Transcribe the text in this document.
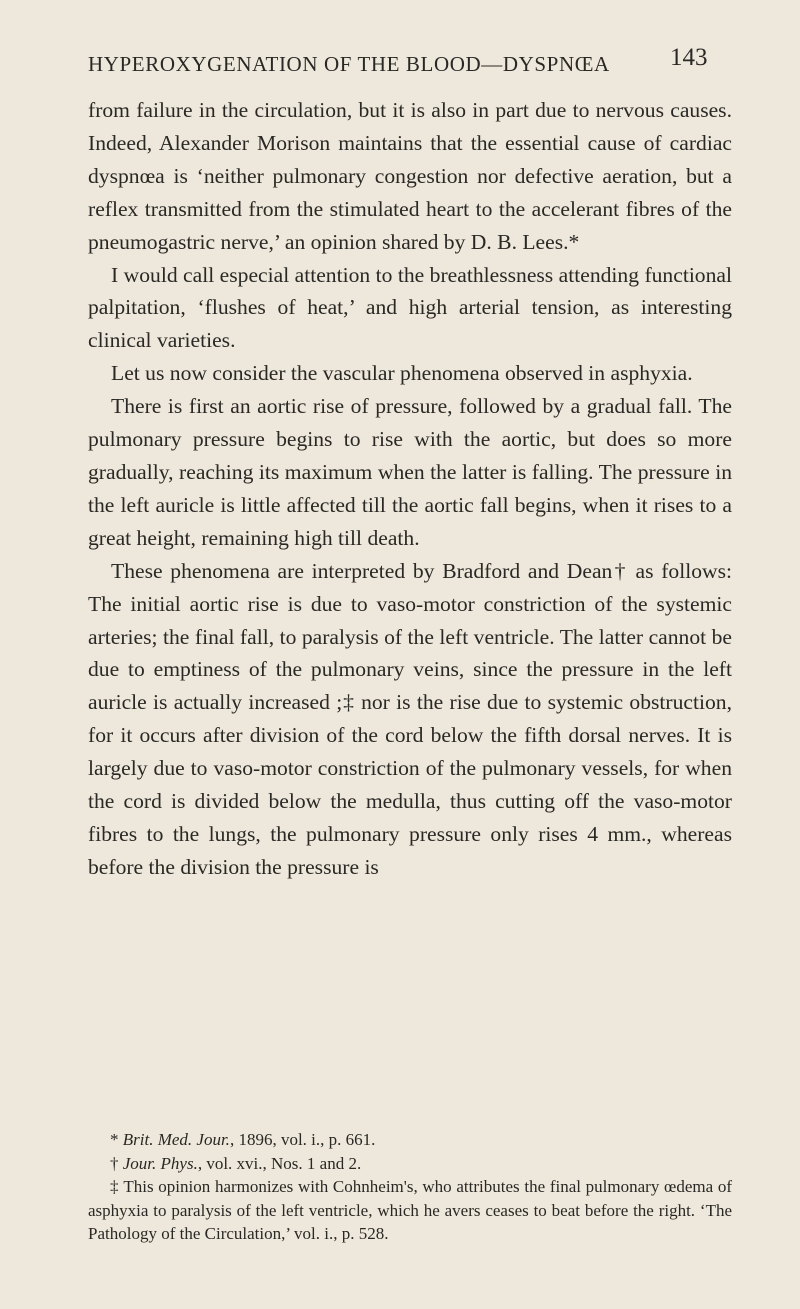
HYPEROXYGENATION OF THE BLOOD—DYSPNŒA 143

from failure in the circulation, but it is also in part due to nervous causes. Indeed, Alexander Morison maintains that the essential cause of cardiac dyspnœa is ‘neither pulmonary congestion nor defective aeration, but a reflex transmitted from the stimulated heart to the accelerant fibres of the pneumogastric nerve,’ an opinion shared by D. B. Lees.*

I would call especial attention to the breathlessness attending functional palpitation, ‘flushes of heat,’ and high arterial tension, as interesting clinical varieties.

Let us now consider the vascular phenomena observed in asphyxia.

There is first an aortic rise of pressure, followed by a gradual fall. The pulmonary pressure begins to rise with the aortic, but does so more gradually, reaching its maximum when the latter is falling. The pressure in the left auricle is little affected till the aortic fall begins, when it rises to a great height, remaining high till death.

These phenomena are interpreted by Bradford and Dean† as follows: The initial aortic rise is due to vaso-motor constriction of the systemic arteries; the final fall, to paralysis of the left ventricle. The latter cannot be due to emptiness of the pulmonary veins, since the pressure in the left auricle is actually increased ;‡ nor is the rise due to systemic obstruction, for it occurs after division of the cord below the fifth dorsal nerves. It is largely due to vaso-motor constriction of the pulmonary vessels, for when the cord is divided below the medulla, thus cutting off the vaso-motor fibres to the lungs, the pulmonary pressure only rises 4 mm., whereas before the division the pressure is

* Brit. Med. Jour., 1896, vol. i., p. 661.

† Jour. Phys., vol. xvi., Nos. 1 and 2.

‡ This opinion harmonizes with Cohnheim's, who attributes the final pulmonary œdema of asphyxia to paralysis of the left ventricle, which he avers ceases to beat before the right. ‘The Pathology of the Circulation,’ vol. i., p. 528.
